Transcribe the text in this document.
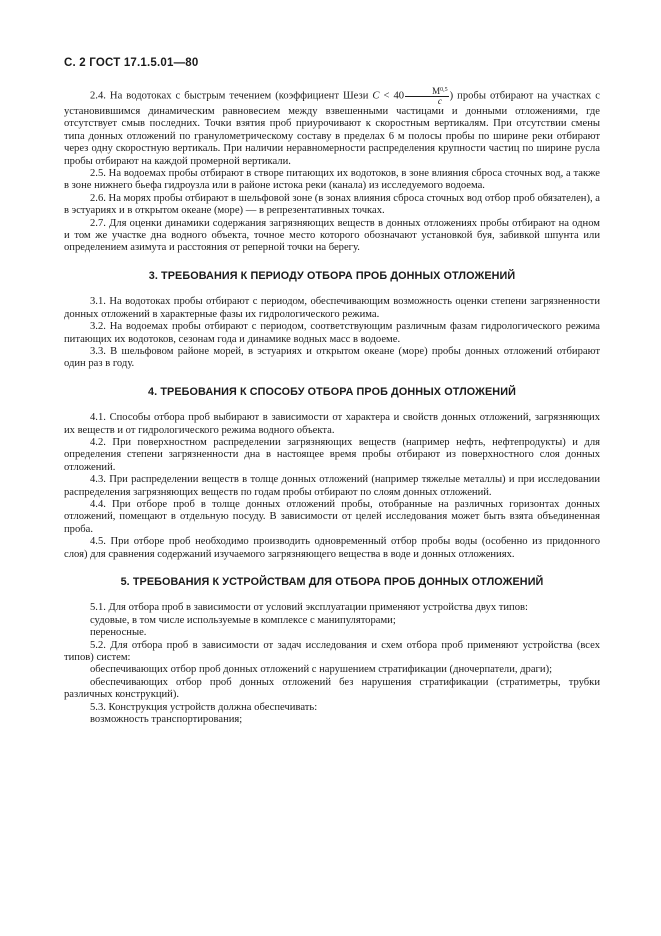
С. 2 ГОСТ 17.1.5.01—80

2.4. На водотоках с быстрым течением (коэффициент Шези $C < 40 \frac{М^{0,5}}{с}$ ) пробы отбирают на участках с установившимся динамическим равновесием между взвешенными частицами и донными отложениями, где отсутствует смыв последних. Точки взятия проб приурочивают к скоростным вертикалям. При отсутствии смены типа донных отложений по гранулометрическому составу в пределах 6 м полосы пробы по ширине реки отбирают через одну скоростную вертикаль. При наличии неравномерности распределения крупности частиц по ширине русла пробы отбирают на каждой промерной вертикали.

2.5. На водоемах пробы отбирают в створе питающих их водотоков, в зоне влияния сброса сточных вод, а также в зоне нижнего бьефа гидроузла или в районе истока реки (канала) из исследуемого водоема.

2.6. На морях пробы отбирают в шельфовой зоне (в зонах влияния сброса сточных вод отбор проб обязателен), а в эстуариях и в открытом океане (море) — в репрезентативных точках.

2.7. Для оценки динамики содержания загрязняющих веществ в донных отложениях пробы отбирают на одном и том же участке дна водного объекта, точное место которого обозначают установкой буя, забивкой шпунта или определением азимута и расстояния от реперной точки на берегу.

3. ТРЕБОВАНИЯ К ПЕРИОДУ ОТБОРА ПРОБ ДОННЫХ ОТЛОЖЕНИЙ

3.1. На водотоках пробы отбирают с периодом, обеспечивающим возможность оценки степени загрязненности донных отложений в характерные фазы их гидрологического режима.

3.2. На водоемах пробы отбирают с периодом, соответствующим различным фазам гидрологического режима питающих их водотоков, сезонам года и динамике водных масс в водоеме.

3.3. В шельфовом районе морей, в эстуариях и открытом океане (море) пробы донных отложений отбирают один раз в году.

4. ТРЕБОВАНИЯ К СПОСОБУ ОТБОРА ПРОБ ДОННЫХ ОТЛОЖЕНИЙ

4.1. Способы отбора проб выбирают в зависимости от характера и свойств донных отложений, загрязняющих их веществ и от гидрологического режима водного объекта.

4.2. При поверхностном распределении загрязняющих веществ (например нефть, нефтепродукты) и для определения степени загрязненности дна в настоящее время пробы отбирают из поверхностного слоя донных отложений.

4.3. При распределении веществ в толще донных отложений (например тяжелые металлы) и при исследовании распределения загрязняющих веществ по годам пробы отбирают по слоям донных отложений.

4.4. При отборе проб в толще донных отложений пробы, отобранные на различных горизонтах донных отложений, помещают в отдельную посуду. В зависимости от целей исследования может быть взята объединенная проба.

4.5. При отборе проб необходимо производить одновременный отбор пробы воды (особенно из придонного слоя) для сравнения содержаний изучаемого загрязняющего вещества в воде и донных отложениях.

5. ТРЕБОВАНИЯ К УСТРОЙСТВАМ ДЛЯ ОТБОРА ПРОБ ДОННЫХ ОТЛОЖЕНИЙ

5.1. Для отбора проб в зависимости от условий эксплуатации применяют устройства двух типов:

судовые, в том числе используемые в комплексе с манипуляторами;

переносные.

5.2. Для отбора проб в зависимости от задач исследования и схем отбора проб применяют устройства (всех типов) систем:

обеспечивающих отбор проб донных отложений с нарушением стратификации (дночерпатели, драги);

обеспечивающих отбор проб донных отложений без нарушения стратификации (стратиметры, трубки различных конструкций).

5.3. Конструкция устройств должна обеспечивать:

возможность транспортирования;
